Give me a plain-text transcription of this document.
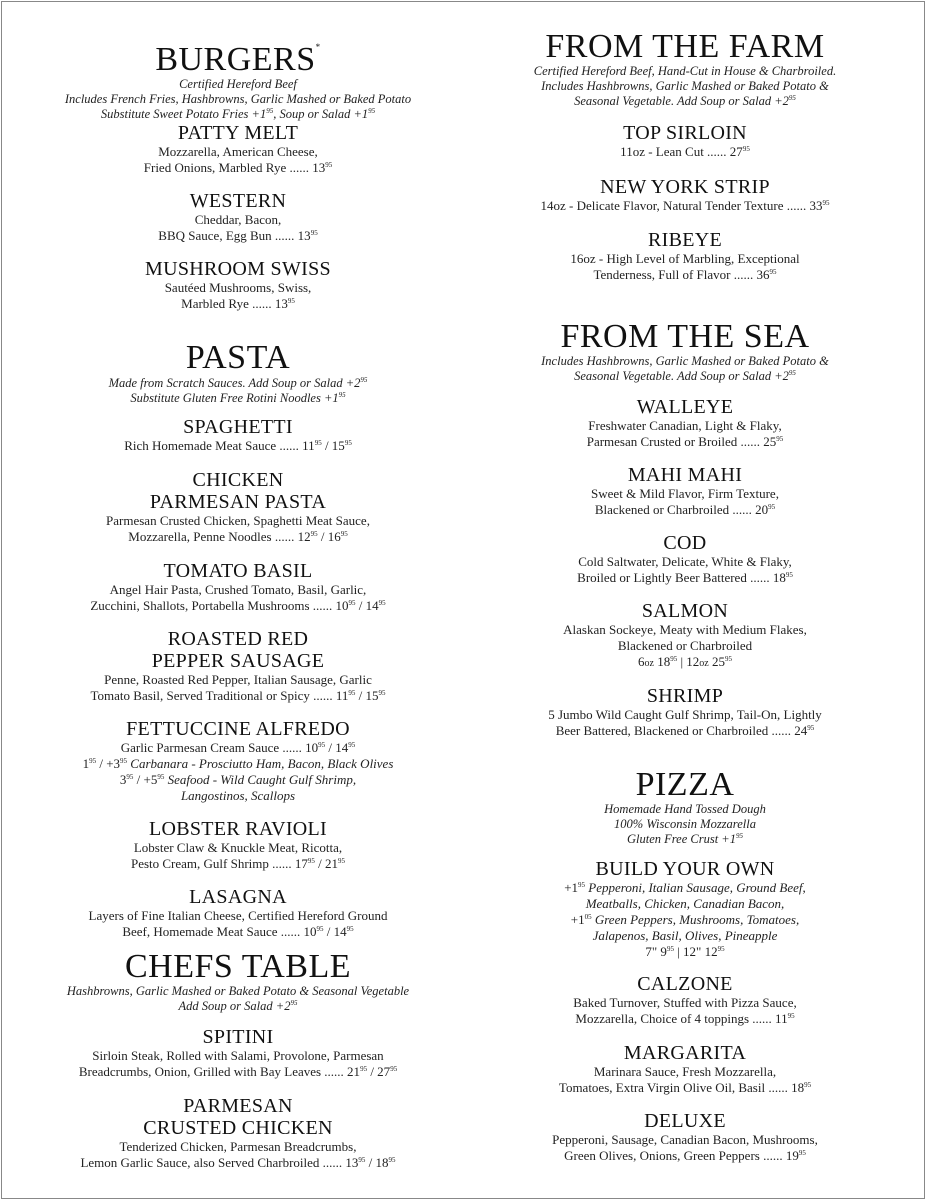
BURGERS*
Certified Hereford Beef
Includes French Fries, Hashbrowns, Garlic Mashed or Baked Potato
Substitute Sweet Potato Fries $+1^{95}$, Soup or Salad $+1^{95}$
PATTY MELT
Mozzarella, American Cheese,
Fried Onions, Marbled Rye ...... $13^{95}$
WESTERN
Cheddar, Bacon,
BBQ Sauce, Egg Bun ...... $13^{95}$
MUSHROOM SWISS
Sautéed Mushrooms, Swiss,
Marbled Rye ...... $13^{95}$
PASTA
Made from Scratch Sauces. Add Soup or Salad $+2^{95}$
Substitute Gluten Free Rotini Noodles $+1^{95}$
SPAGHETTI
Rich Homemade Meat Sauce ...... $11^{95} / 15^{95}$
CHICKEN
PARMESAN PASTA
Parmesan Crusted Chicken, Spaghetti Meat Sauce,
Mozzarella, Penne Noodles ...... $12^{95} / 16^{95}$
TOMATO BASIL
Angel Hair Pasta, Crushed Tomato, Basil, Garlic,
Zucchini, Shallots, Portabella Mushrooms ...... $10^{95} / 14^{95}$
ROASTED RED
PEPPER SAUSAGE
Penne, Roasted Red Pepper, Italian Sausage, Garlic
Tomato Basil, Served Traditional or Spicy ...... $11^{95} / 15^{95}$
FETTUCCINE ALFREDO
Garlic Parmesan Cream Sauce ...... $10^{95} / 14^{95}$
$1^{95} / +3^{95}$ Carbanara - Prosciutto Ham, Bacon, Black Olives
$3^{95} / +5^{95}$ Seafood - Wild Caught Gulf Shrimp,
Langostinos, Scallops
LOBSTER RAVIOLI
Lobster Claw & Knuckle Meat, Ricotta,
Pesto Cream, Gulf Shrimp ...... $17^{95} / 21^{95}$
LASAGNA
Layers of Fine Italian Cheese, Certified Hereford Ground
Beef, Homemade Meat Sauce ...... $10^{95} / 14^{95}$
CHEFS TABLE
Hashbrowns, Garlic Mashed or Baked Potato & Seasonal Vegetable
Add Soup or Salad $+2^{95}$
SPITINI
Sirloin Steak, Rolled with Salami, Provolone, Parmesan
Breadcrumbs, Onion, Grilled with Bay Leaves ...... $21^{95} / 27^{95}$
PARMESAN
CRUSTED CHICKEN
Tenderized Chicken, Parmesan Breadcrumbs,
Lemon Garlic Sauce, also Served Charbroiled ...... $13^{95} / 18^{95}$
FROM THE FARM
Certified Hereford Beef, Hand-Cut in House & Charbroiled.
Includes Hashbrowns, Garlic Mashed or Baked Potato &
Seasonal Vegetable. Add Soup or Salad $+2^{95}$
TOP SIRLOIN
11oz - Lean Cut ...... $27^{95}$
NEW YORK STRIP
14oz - Delicate Flavor, Natural Tender Texture ...... $33^{95}$
RIBEYE
16oz - High Level of Marbling, Exceptional
Tenderness, Full of Flavor ...... $36^{95}$
FROM THE SEA
Includes Hashbrowns, Garlic Mashed or Baked Potato &
Seasonal Vegetable. Add Soup or Salad $+2^{95}$
WALLEYE
Freshwater Canadian, Light & Flaky,
Parmesan Crusted or Broiled ...... $25^{95}$
MAHI MAHI
Sweet & Mild Flavor, Firm Texture,
Blackened or Charbroiled ...... $20^{95}$
COD
Cold Saltwater, Delicate, White & Flaky,
Broiled or Lightly Beer Battered ...... $18^{95}$
SALMON
Alaskan Sockeye, Meaty with Medium Flakes,
Blackened or Charbroiled
6oz $18^{95}$ | 12oz $25^{95}$
SHRIMP
5 Jumbo Wild Caught Gulf Shrimp, Tail-On, Lightly
Beer Battered, Blackened or Charbroiled ...... $24^{95}$
PIZZA
Homemade Hand Tossed Dough
100% Wisconsin Mozzarella
Gluten Free Crust $+1^{95}$
BUILD YOUR OWN
$+1^{95}$ Pepperoni, Italian Sausage, Ground Beef,
Meatballs, Chicken, Canadian Bacon,
$+1^{05}$ Green Peppers, Mushrooms, Tomatoes,
Jalapenos, Basil, Olives, Pineapple
7" $9^{95}$ | 12" $12^{95}$
CALZONE
Baked Turnover, Stuffed with Pizza Sauce,
Mozzarella, Choice of 4 toppings ...... $11^{95}$
MARGARITA
Marinara Sauce, Fresh Mozzarella,
Tomatoes, Extra Virgin Olive Oil, Basil ...... $18^{95}$
DELUXE
Pepperoni, Sausage, Canadian Bacon, Mushrooms,
Green Olives, Onions, Green Peppers ...... $19^{95}$
